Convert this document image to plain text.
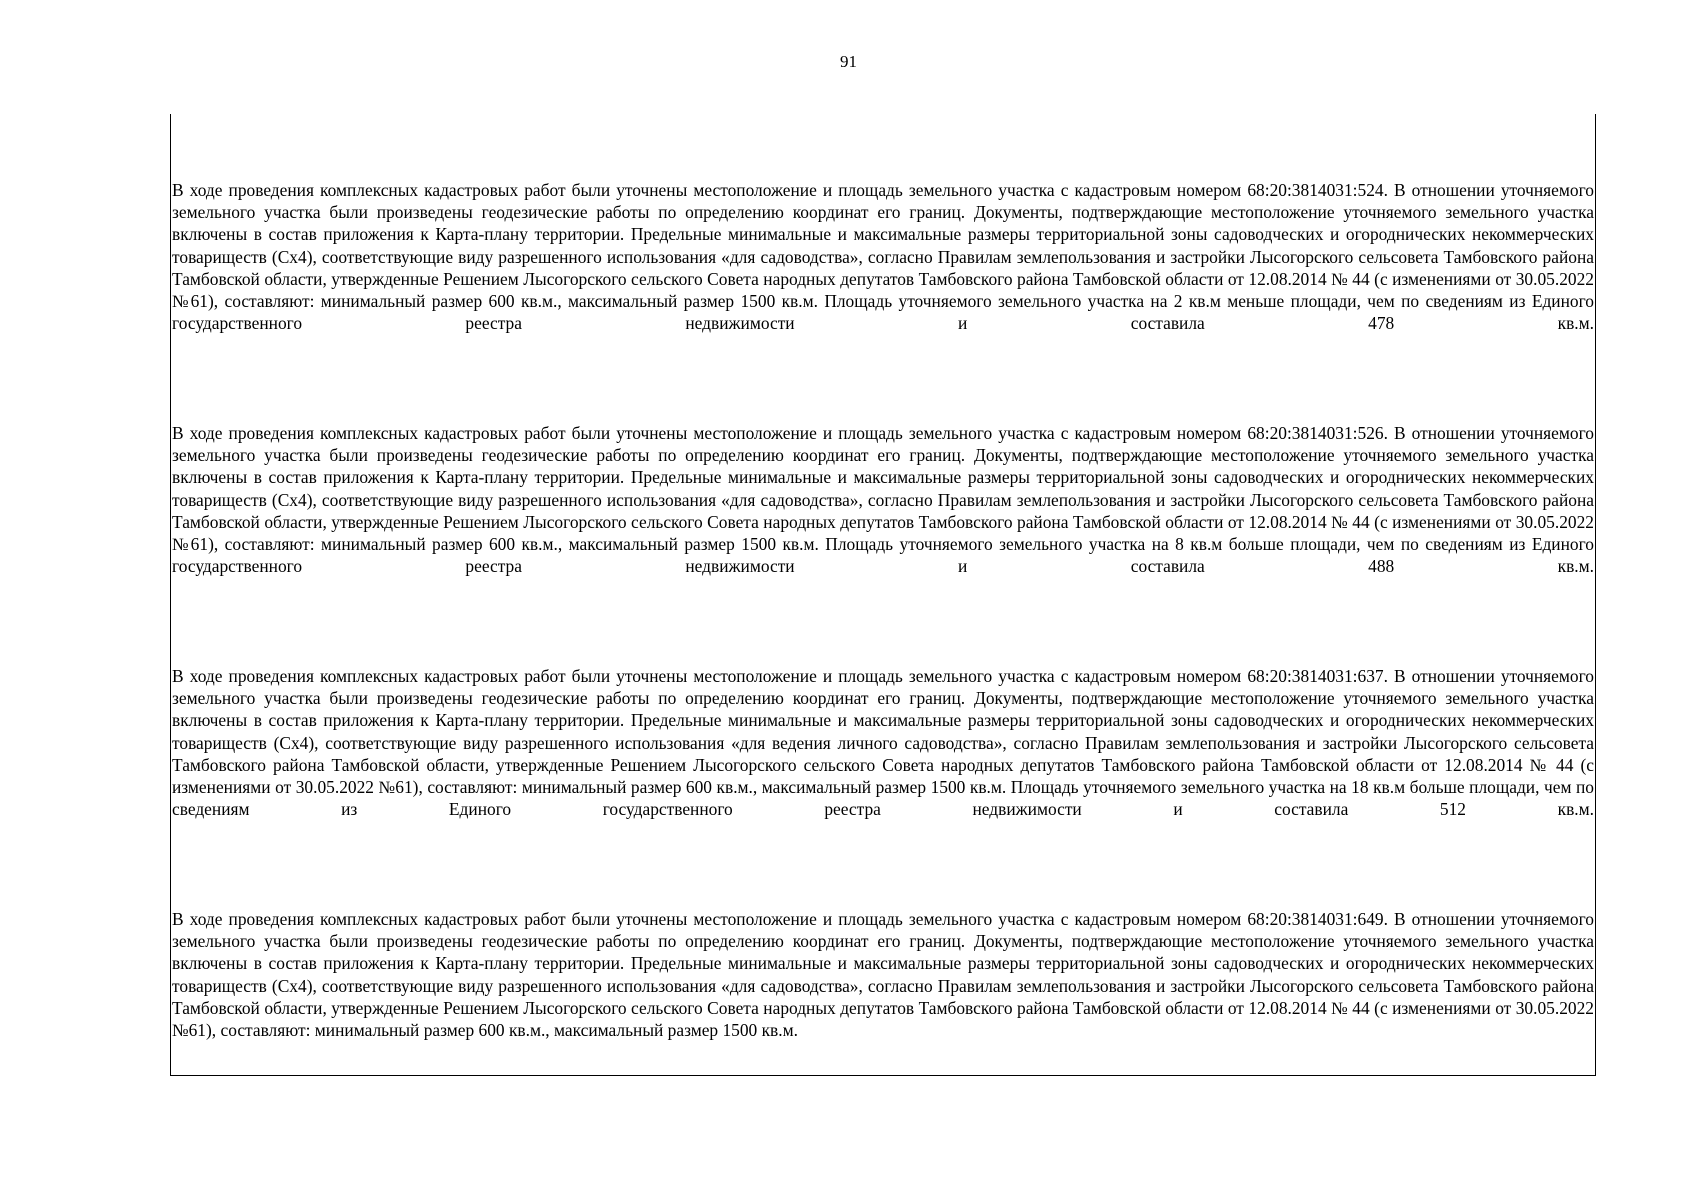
91

В ходе проведения комплексных кадастровых работ были уточнены местоположение и площадь земельного участка с кадастровым номером 68:20:3814031:524. В отношении уточняемого земельного участка были произведены геодезические работы по определению координат его границ. Документы, подтверждающие местоположение уточняемого земельного участка включены в состав приложения к Карта-плану территории. Предельные минимальные и максимальные размеры территориальной зоны садоводческих и огороднических некоммерческих товариществ (Сх4), соответствующие виду разрешенного использования «для садоводства», согласно Правилам землепользования и застройки Лысогорского сельсовета Тамбовского района Тамбовской области, утвержденные Решением Лысогорского сельского Совета народных депутатов Тамбовского района Тамбовской области от 12.08.2014 № 44 (с изменениями от 30.05.2022 №61), составляют: минимальный размер 600 кв.м., максимальный размер 1500 кв.м. Площадь уточняемого земельного участка на 2 кв.м меньше площади, чем по сведениям из Единого государственного реестра недвижимости и составила 478 кв.м.

В ходе проведения комплексных кадастровых работ были уточнены местоположение и площадь земельного участка с кадастровым номером 68:20:3814031:526. В отношении уточняемого земельного участка были произведены геодезические работы по определению координат его границ. Документы, подтверждающие местоположение уточняемого земельного участка включены в состав приложения к Карта-плану территории. Предельные минимальные и максимальные размеры территориальной зоны садоводческих и огороднических некоммерческих товариществ (Сх4), соответствующие виду разрешенного использования «для садоводства», согласно Правилам землепользования и застройки Лысогорского сельсовета Тамбовского района Тамбовской области, утвержденные Решением Лысогорского сельского Совета народных депутатов Тамбовского района Тамбовской области от 12.08.2014 № 44 (с изменениями от 30.05.2022 №61), составляют: минимальный размер 600 кв.м., максимальный размер 1500 кв.м. Площадь уточняемого земельного участка на 8 кв.м больше площади, чем по сведениям из Единого государственного реестра недвижимости и составила 488 кв.м.

В ходе проведения комплексных кадастровых работ были уточнены местоположение и площадь земельного участка с кадастровым номером 68:20:3814031:637. В отношении уточняемого земельного участка были произведены геодезические работы по определению координат его границ. Документы, подтверждающие местоположение уточняемого земельного участка включены в состав приложения к Карта-плану территории. Предельные минимальные и максимальные размеры территориальной зоны садоводческих и огороднических некоммерческих товариществ (Сх4), соответствующие виду разрешенного использования «для ведения личного садоводства», согласно Правилам землепользования и застройки Лысогорского сельсовета Тамбовского района Тамбовской области, утвержденные Решением Лысогорского сельского Совета народных депутатов Тамбовского района Тамбовской области от 12.08.2014 № 44 (с изменениями от 30.05.2022 №61), составляют: минимальный размер 600 кв.м., максимальный размер 1500 кв.м. Площадь уточняемого земельного участка на 18 кв.м больше площади, чем по сведениям из Единого государственного реестра недвижимости и составила 512 кв.м.

В ходе проведения комплексных кадастровых работ были уточнены местоположение и площадь земельного участка с кадастровым номером 68:20:3814031:649. В отношении уточняемого земельного участка были произведены геодезические работы по определению координат его границ. Документы, подтверждающие местоположение уточняемого земельного участка включены в состав приложения к Карта-плану территории. Предельные минимальные и максимальные размеры территориальной зоны садоводческих и огороднических некоммерческих товариществ (Сх4), соответствующие виду разрешенного использования «для садоводства», согласно Правилам землепользования и застройки Лысогорского сельсовета Тамбовского района Тамбовской области, утвержденные Решением Лысогорского сельского Совета народных депутатов Тамбовского района Тамбовской области от 12.08.2014 № 44 (с изменениями от 30.05.2022 №61), составляют: минимальный размер 600 кв.м., максимальный размер 1500 кв.м.
